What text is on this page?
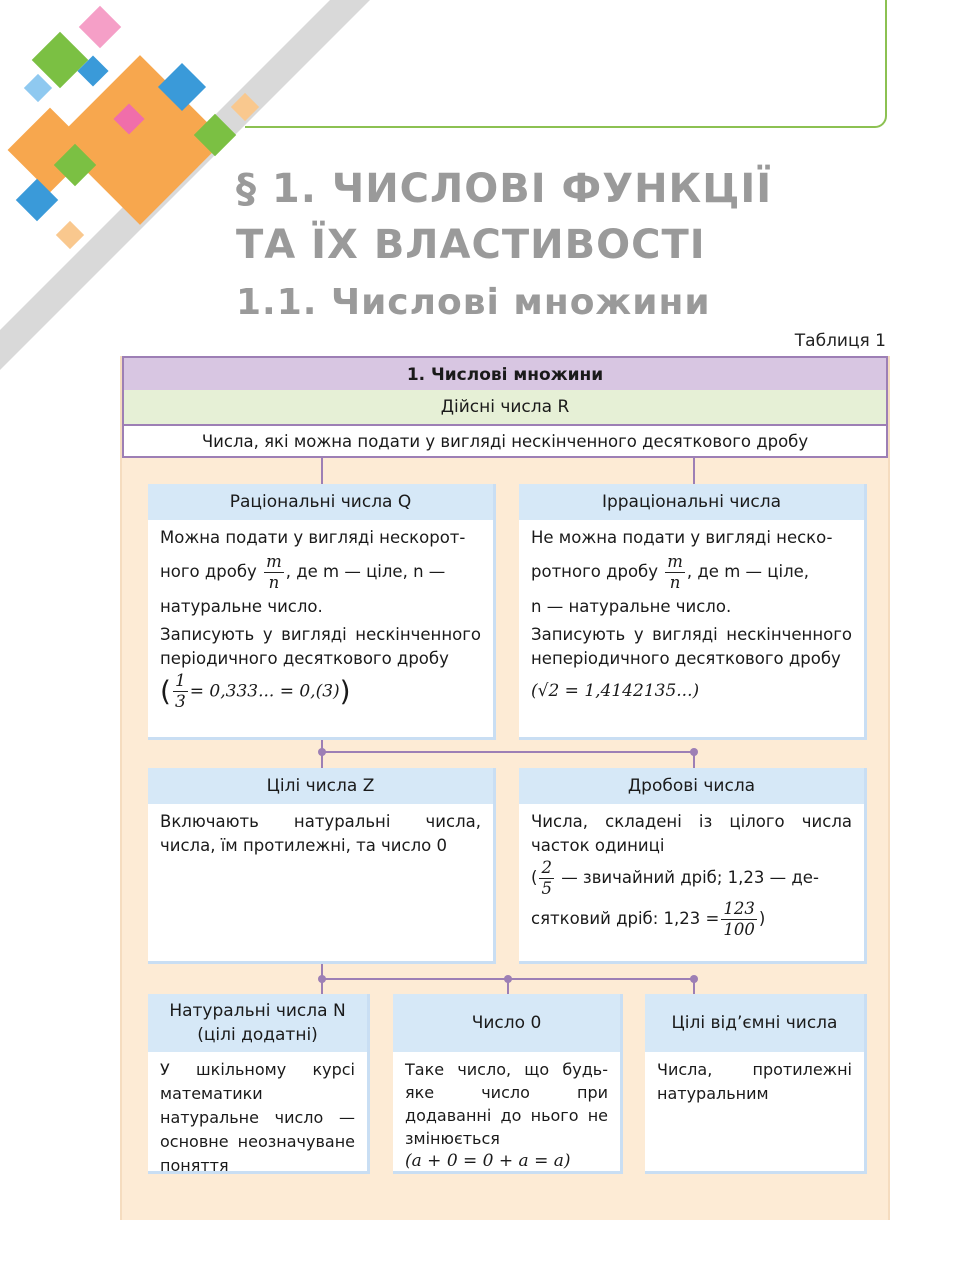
§ 1. ЧИСЛОВІ ФУНКЦІЇ
ТА ЇХ ВЛАСТИВОСТІ
1.1. Числові множини
Таблиця 1
1. Числові множини
Дійсні числа R
Числа, які можна подати у вигляді нескінченного десяткового дробу
Раціональні числа Q
Можна подати у вигляді нескорот-
ного дробу $\frac{m}{n}$ , де m — ціле, n —
натуральне число.
Записують у вигляді нескінченного періодичного десяткового дробу
( $\frac{1}{3} = 0,333$... = 0,(3))
Ірраціональні числа
Не можна подати у вигляді нескo-
ротного дробу $\frac{m}{n}$ , де m — ціле,
n — натуральне число.
Записують у вигляді нескінченного неперіодичного десяткового дробу
(√2 = 1,4142135...)
Цілі числа Z
Включають натуральні числа, числа, їм протилежні, та число 0
Дробові числа
Числа, складені із цілого числа частoк одиниці
( $\frac{2}{5}$ — звичайний дріб; 1,23 — де-
сятковий дріб: $1,23 = \frac{123}{100}$ )
Натуральні числа N
(цілі додатні)
У шкільному курсі математики натуральне число — основне неозначуване поняття
Число 0
Таке число, що будь-яке число при додаванні до нього не змінюється
(a + 0 = 0 + a = a)
Цілі від’ємні числа
Числа, протилежні натуральним
